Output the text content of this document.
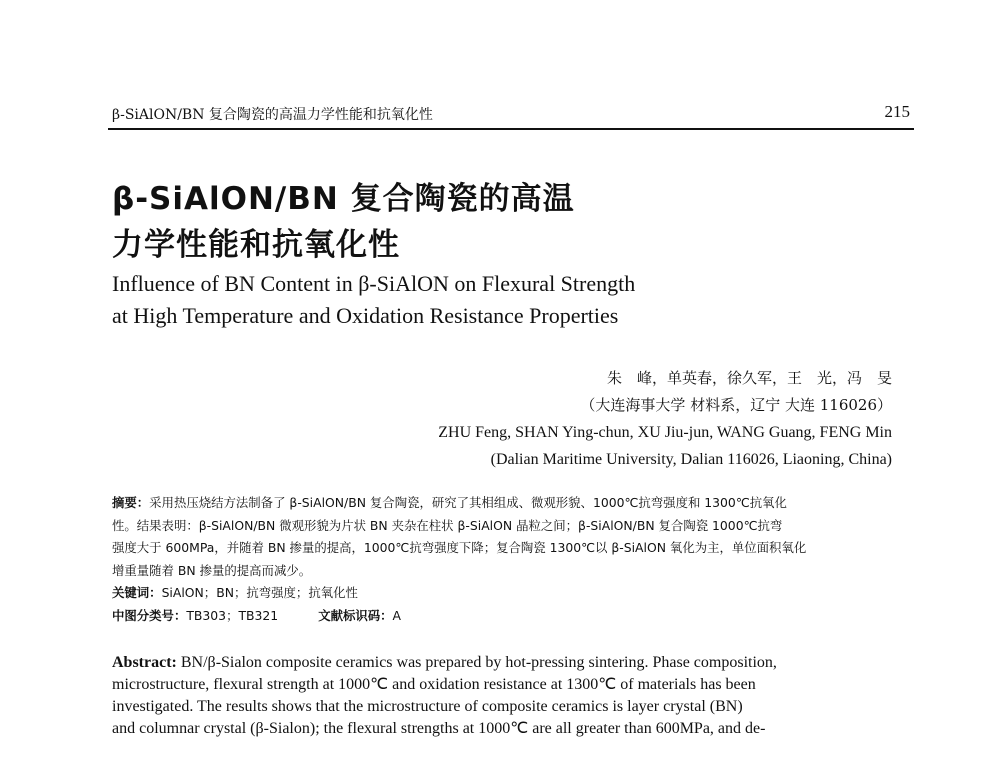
β-SiAlON/BN 复合陶瓷的高温力学性能和抗氧化性	215
β-SiAlON/BN 复合陶瓷的高温
力学性能和抗氧化性
Influence of BN Content in β-SiAlON on Flexural Strength
at High Temperature and Oxidation Resistance Properties
朱　峰，单英春，徐久军，王　光，冯　旻
（大连海事大学 材料系，辽宁 大连 116026）
ZHU Feng, SHAN Ying-chun, XU Jiu-jun, WANG Guang, FENG Min
(Dalian Maritime University, Dalian 116026, Liaoning, China)
摘要：采用热压烧结方法制备了 β-SiAlON/BN 复合陶瓷，研究了其相组成、微观形貌、1000℃抗弯强度和 1300℃抗氧化
性。结果表明：β-SiAlON/BN 微观形貌为片状 BN 夹杂在柱状 β-SiAlON 晶粒之间；β-SiAlON/BN 复合陶瓷 1000℃抗弯
强度大于 600MPa，并随着 BN 掺量的提高，1000℃抗弯强度下降；复合陶瓷 1300℃以 β-SiAlON 氧化为主，单位面积氧化
增重量随着 BN 掺量的提高而减少。
关键词：SiAlON；BN；抗弯强度；抗氧化性
中图分类号：TB303；TB321	文献标识码：A
Abstract: BN/β-Sialon composite ceramics was prepared by hot-pressing sintering. Phase composition,
microstructure, flexural strength at 1000℃ and oxidation resistance at 1300℃ of materials has been
investigated. The results shows that the microstructure of composite ceramics is layer crystal (BN)
and columnar crystal (β-Sialon); the flexural strengths at 1000℃ are all greater than 600MPa, and de-
